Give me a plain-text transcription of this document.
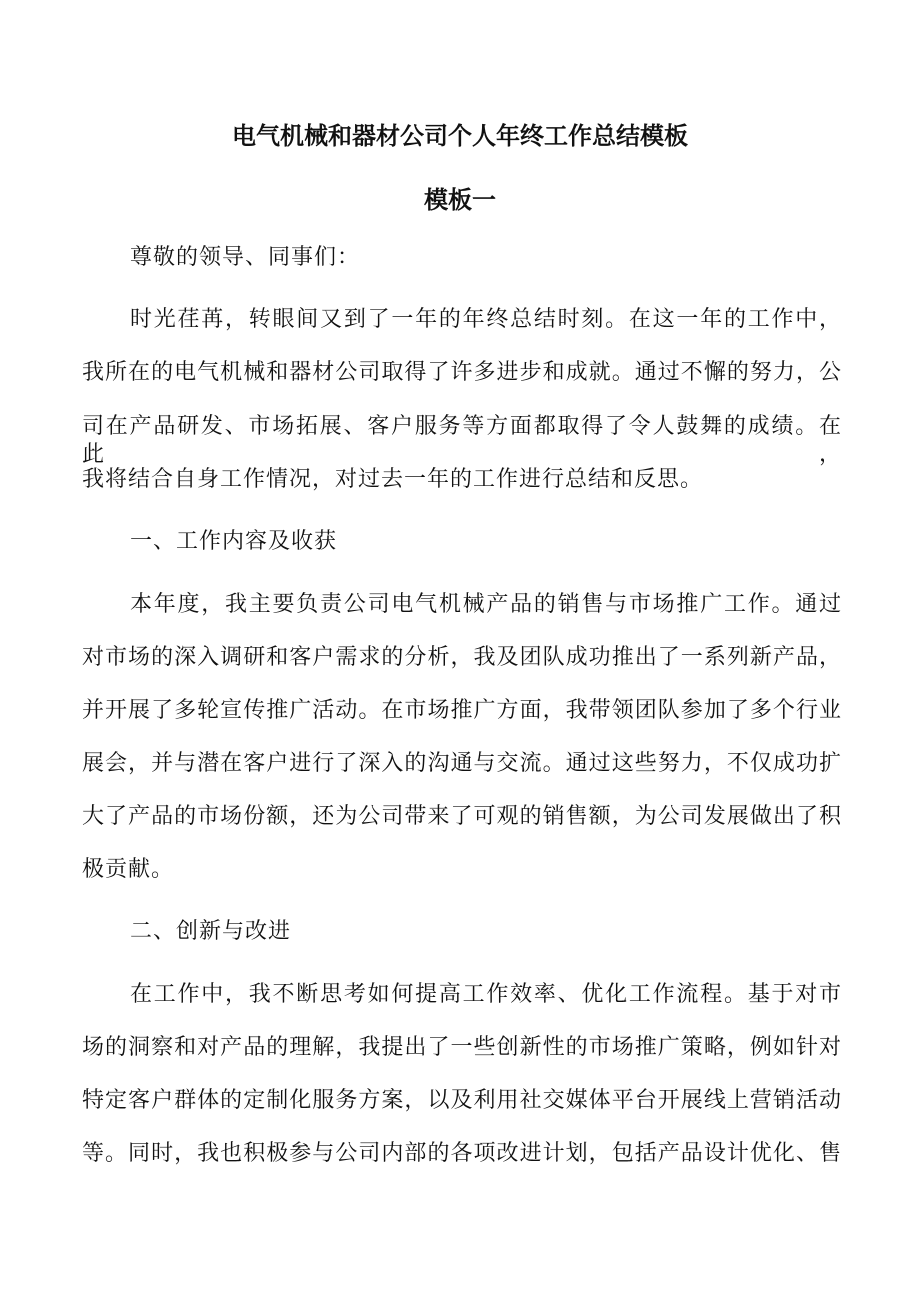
电气机械和器材公司个人年终工作总结模板
模板一
尊敬的领导、同事们：
时光荏苒，转眼间又到了一年的年终总结时刻。在这一年的工作中，
我所在的电气机械和器材公司取得了许多进步和成就。通过不懈的努力，公
司在产品研发、市场拓展、客户服务等方面都取得了令人鼓舞的成绩。在此，
我将结合自身工作情况，对过去一年的工作进行总结和反思。
一、工作内容及收获
本年度，我主要负责公司电气机械产品的销售与市场推广工作。通过
对市场的深入调研和客户需求的分析，我及团队成功推出了一系列新产品，
并开展了多轮宣传推广活动。在市场推广方面，我带领团队参加了多个行业
展会，并与潜在客户进行了深入的沟通与交流。通过这些努力，不仅成功扩
大了产品的市场份额，还为公司带来了可观的销售额，为公司发展做出了积
极贡献。
二、创新与改进
在工作中，我不断思考如何提高工作效率、优化工作流程。基于对市
场的洞察和对产品的理解，我提出了一些创新性的市场推广策略，例如针对
特定客户群体的定制化服务方案，以及利用社交媒体平台开展线上营销活动
等。同时，我也积极参与公司内部的各项改进计划，包括产品设计优化、售
